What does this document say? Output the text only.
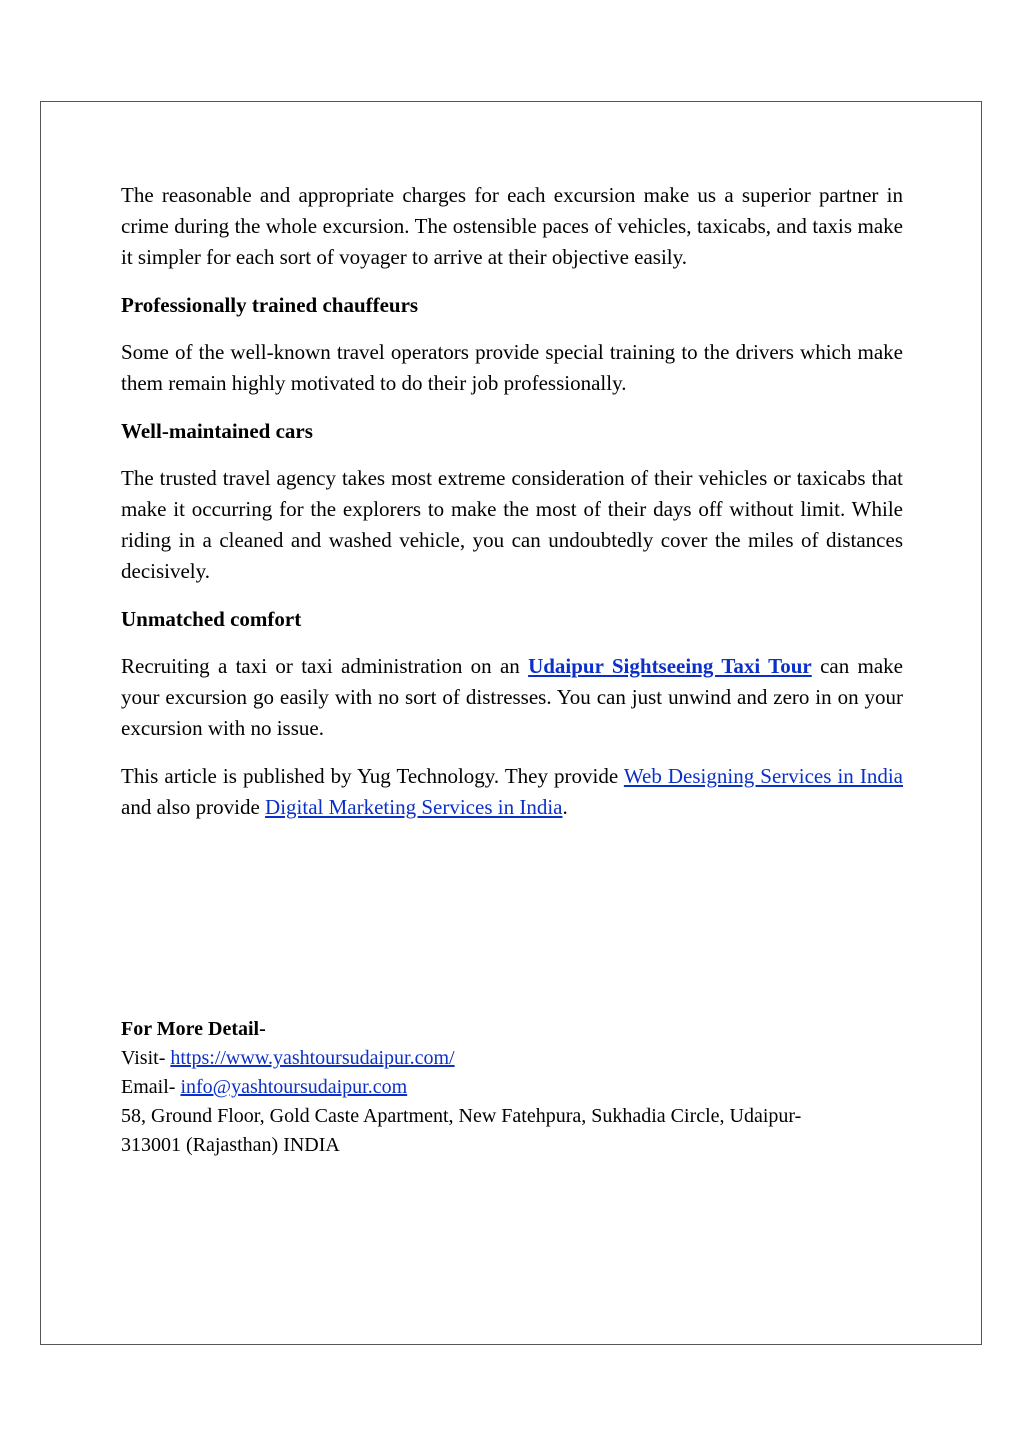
The reasonable and appropriate charges for each excursion make us a superior partner in crime during the whole excursion. The ostensible paces of vehicles, taxicabs, and taxis make it simpler for each sort of voyager to arrive at their objective easily.

Professionally trained chauffeurs

Some of the well-known travel operators provide special training to the drivers which make them remain highly motivated to do their job professionally.

Well-maintained cars

The trusted travel agency takes most extreme consideration of their vehicles or taxicabs that make it occurring for the explorers to make the most of their days off without limit. While riding in a cleaned and washed vehicle, you can undoubtedly cover the miles of distances decisively.

Unmatched comfort

Recruiting a taxi or taxi administration on an Udaipur Sightseeing Taxi Tour can make your excursion go easily with no sort of distresses. You can just unwind and zero in on your excursion with no issue.

This article is published by Yug Technology. They provide Web Designing Services in India and also provide Digital Marketing Services in India.

For More Detail-
Visit- https://www.yashtoursudaipur.com/
Email- info@yashtoursudaipur.com
58, Ground Floor, Gold Caste Apartment, New Fatehpura, Sukhadia Circle, Udaipur-
313001 (Rajasthan) INDIA
